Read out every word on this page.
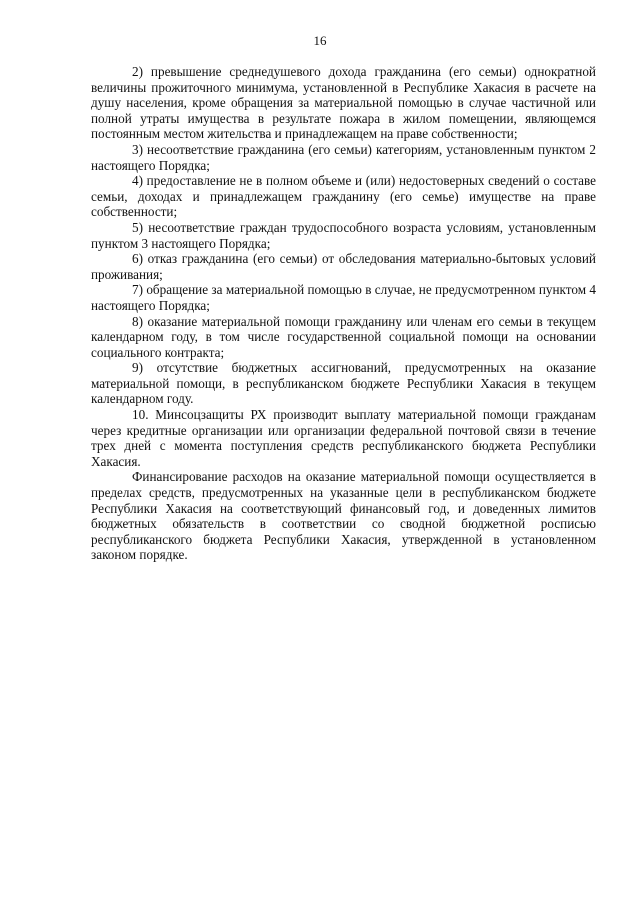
16

2) превышение среднедушевого дохода гражданина (его семьи) однократной величины прожиточного минимума, установленной в Республике Хакасия в расчете на душу населения, кроме обращения за материальной помощью в случае частичной или полной утраты имущества в результате пожара в жилом помещении, являющемся постоянным местом жительства и принадлежащем на праве собственности;

3) несоответствие гражданина (его семьи) категориям, установленным пунктом 2 настоящего Порядка;

4) предоставление не в полном объеме и (или) недостоверных сведений о составе семьи, доходах и принадлежащем гражданину (его семье) имуществе на праве собственности;

5) несоответствие граждан трудоспособного возраста условиям, установленным пунктом 3 настоящего Порядка;

6) отказ гражданина (его семьи) от обследования материально-бытовых условий проживания;

7) обращение за материальной помощью в случае, не предусмотренном пунктом 4 настоящего Порядка;

8) оказание материальной помощи гражданину или членам его семьи в текущем календарном году, в том числе государственной социальной помощи на основании социального контракта;

9) отсутствие бюджетных ассигнований, предусмотренных на оказание материальной помощи, в республиканском бюджете Республики Хакасия в текущем календарном году.

10. Минсоцзащиты РХ производит выплату материальной помощи гражданам через кредитные организации или организации федеральной почтовой связи в течение трех дней с момента поступления средств республиканского бюджета Республики Хакасия.

Финансирование расходов на оказание материальной помощи осуществляется в пределах средств, предусмотренных на указанные цели в республиканском бюджете Республики Хакасия на соответствующий финансовый год, и доведенных лимитов бюджетных обязательств в соответствии со сводной бюджетной росписью республиканского бюджета Республики Хакасия, утвержденной в установленном законом порядке.
